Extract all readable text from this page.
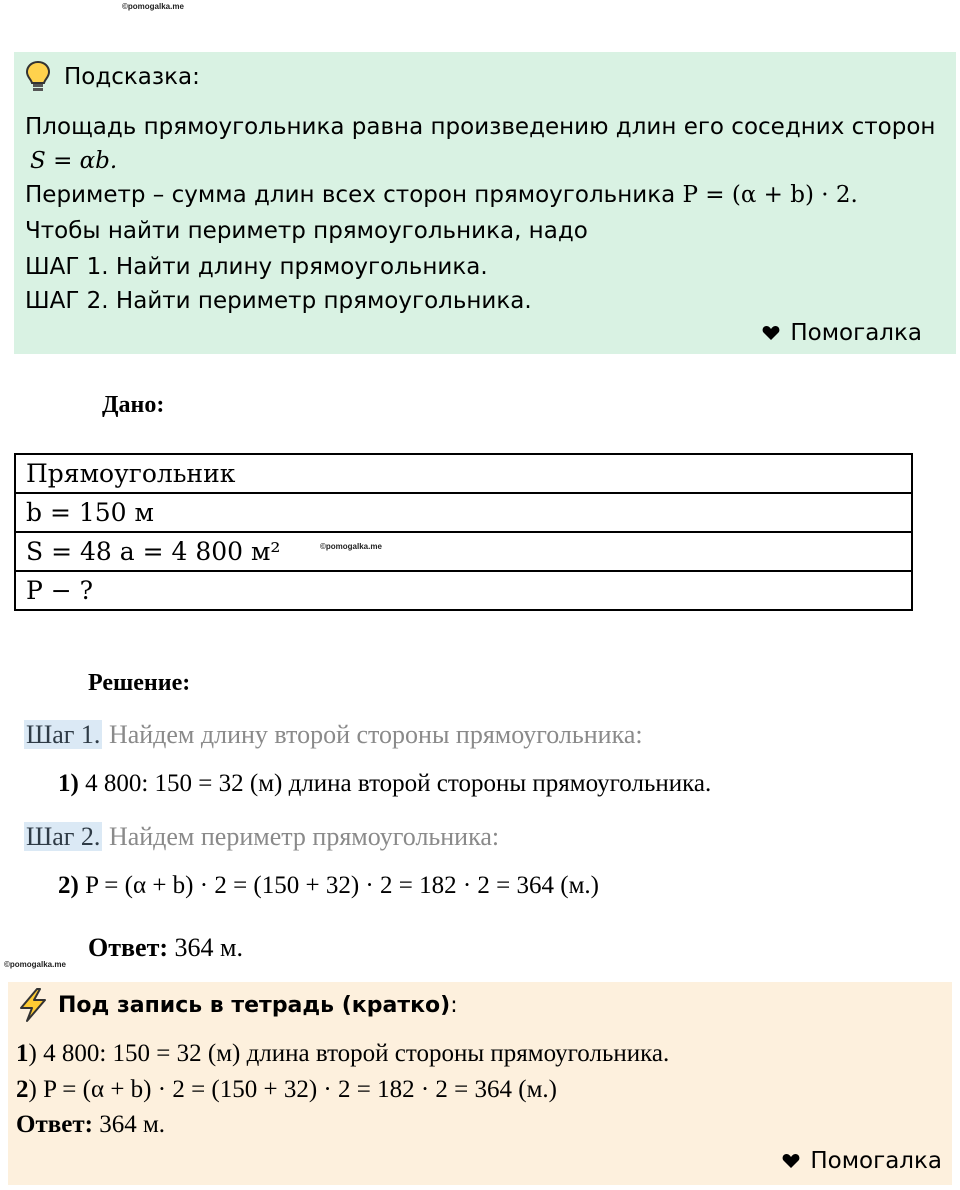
©pomogalka.me
©pomogalka.me
©pomogalka.me
Подсказка:
Площадь прямоугольника равна произведению длин его соседних сторон
S = αb.
Периметр – сумма длин всех сторон прямоугольника P = (α + b) · 2.
Чтобы найти периметр прямоугольника, надо
ШАГ 1. Найти длину прямоугольника.
ШАГ 2. Найти периметр прямоугольника.
Помогалка
Дано:
Прямоугольник
b = 150 м
S = 48 а = 4 800 м²
P − ?
Решение:
Шаг 1. Найдем длину второй стороны прямоугольника:
1) 4 800: 150 = 32 (м) длина второй стороны прямоугольника.
Шаг 2. Найдем периметр прямоугольника:
2) P = (α + b) · 2 = (150 + 32) · 2 = 182 · 2 = 364 (м.)
Ответ: 364 м.
Под запись в тетрадь (кратко) :
1) 4 800: 150 = 32 (м) длина второй стороны прямоугольника.
2) P = (α + b) · 2 = (150 + 32) · 2 = 182 · 2 = 364 (м.)
Ответ: 364 м.
Помогалка
